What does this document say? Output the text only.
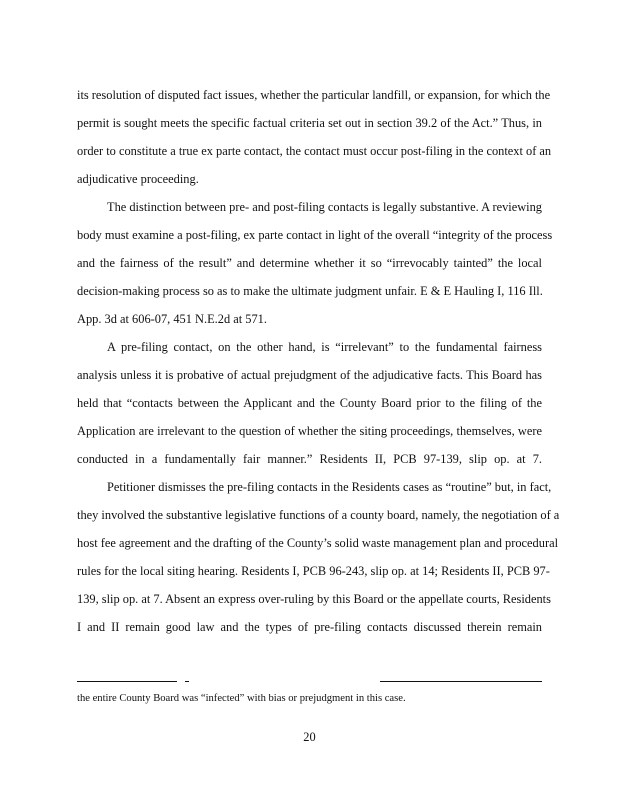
its resolution of disputed fact issues, whether the particular landfill, or expansion, for which the
permit is sought meets the specific factual criteria set out in section 39.2 of the Act.” Thus, in
order to constitute a true ex parte contact, the contact must occur post-filing in the context of an
adjudicative proceeding.
The distinction between pre- and post-filing contacts is legally substantive. A reviewing
body must examine a post-filing, ex parte contact in light of the overall “integrity of the process
and the fairness of the result” and determine whether it so “irrevocably tainted” the local
decision-making process so as to make the ultimate judgment unfair. E & E Hauling I, 116 Ill.
App. 3d at 606-07, 451 N.E.2d at 571.
A pre-filing contact, on the other hand, is “irrelevant” to the fundamental fairness
analysis unless it is probative of actual prejudgment of the adjudicative facts. This Board has
held that “contacts between the Applicant and the County Board prior to the filing of the
Application are irrelevant to the question of whether the siting proceedings, themselves, were
conducted in a fundamentally fair manner.” Residents II, PCB 97-139, slip op. at 7.
Petitioner dismisses the pre-filing contacts in the Residents cases as “routine” but, in fact,
they involved the substantive legislative functions of a county board, namely, the negotiation of a
host fee agreement and the drafting of the County’s solid waste management plan and procedural
rules for the local siting hearing. Residents I, PCB 96-243, slip op. at 14; Residents II, PCB 97-
139, slip op. at 7. Absent an express over-ruling by this Board or the appellate courts, Residents
I and II remain good law and the types of pre-filing contacts discussed therein remain
the entire County Board was “infected” with bias or prejudgment in this case.
20
